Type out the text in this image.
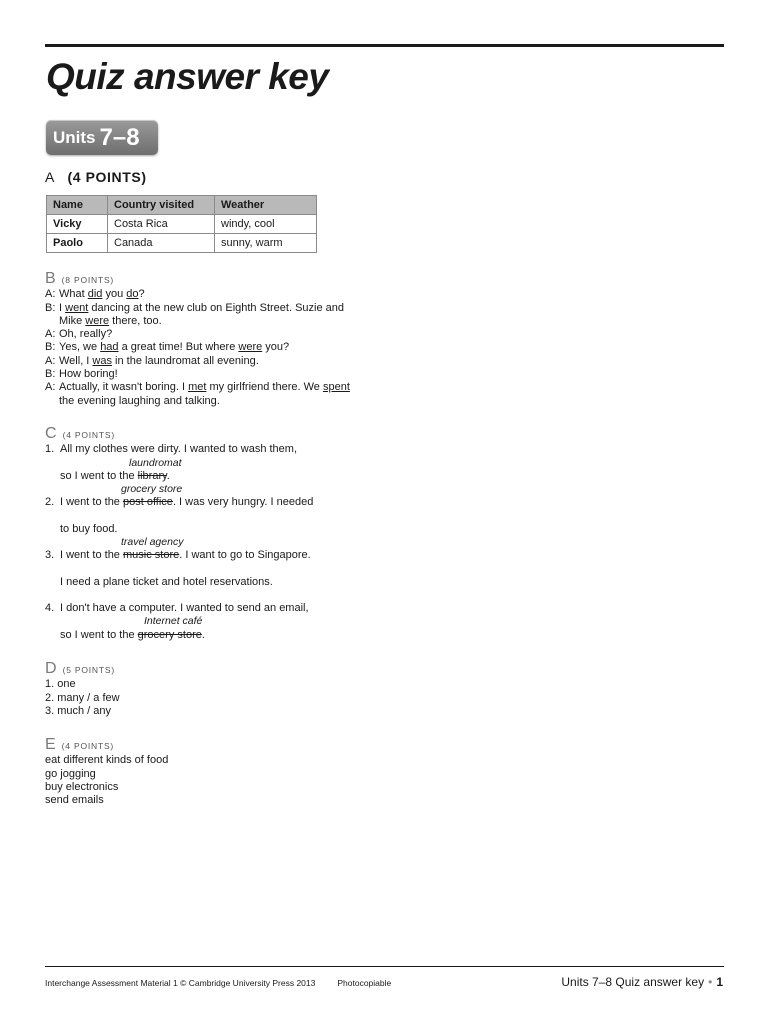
Quiz answer key
Units 7–8
A (4 POINTS)
Name	Country visited	Weather
Vicky	Costa Rica	windy, cool
Paolo	Canada	sunny, warm
B (8 POINTS)
A: What did you do?
B: I went dancing at the new club on Eighth Street. Suzie and Mike were there, too.
A: Oh, really?
B: Yes, we had a great time! But where were you?
A: Well, I was in the laundromat all evening.
B: How boring!
A: Actually, it wasn't boring. I met my girlfriend there. We spent the evening laughing and talking.
C (4 POINTS)
1. All my clothes were dirty. I wanted to wash them,
laundromat
so I went to the library.
grocery store
2. I went to the post office. I was very hungry. I needed
to buy food.
travel agency
3. I went to the music store. I want to go to Singapore.
I need a plane ticket and hotel reservations.
4. I don't have a computer. I wanted to send an email,
Internet café
so I went to the grocery store.
D (5 POINTS)
1. one
2. many / a few
3. much / any
E (4 POINTS)
eat different kinds of food
go jogging
buy electronics
send emails
Interchange Assessment Material 1 © Cambridge University Press 2013	Photocopiable	Units 7–8 Quiz answer key • 1
